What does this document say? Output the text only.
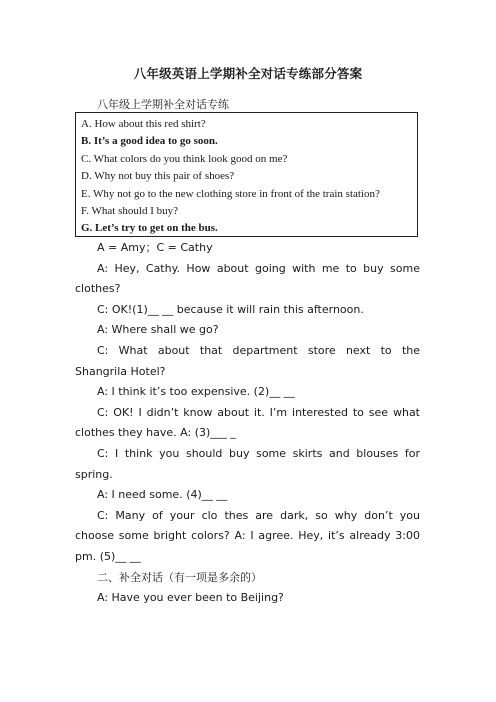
八年级英语上学期补全对话专练部分答案
八年级上学期补全对话专练
A. How about this red shirt?
B. It’s a good idea to go soon.
C. What colors do you think look good on me?
D. Why not buy this pair of shoes?
E. Why not go to the new clothing store in front of the train station?
F. What should I buy?
G. Let’s try to get on the bus.

A = Amy；C = Cathy

A: Hey, Cathy. How about going with me to buy some clothes?

C: OK!(1)__ __ because it will rain this afternoon.

A: Where shall we go?

C: What about that department store next to the Shangrila Hotel?

A: I think it’s too expensive. (2)__ __

C: OK! I didn’t know about it. I’m interested to see what clothes they have. A: (3)___ _

C: I think you should buy some skirts and blouses for spring.

A: I need some. (4)__ __

C: Many of your clo thes are dark, so why don’t you choose some bright colors? A: I agree. Hey, it’s already 3:00 pm. (5)__ __

二、补全对话（有一项是多余的）

A: Have you ever been to Beijing?
